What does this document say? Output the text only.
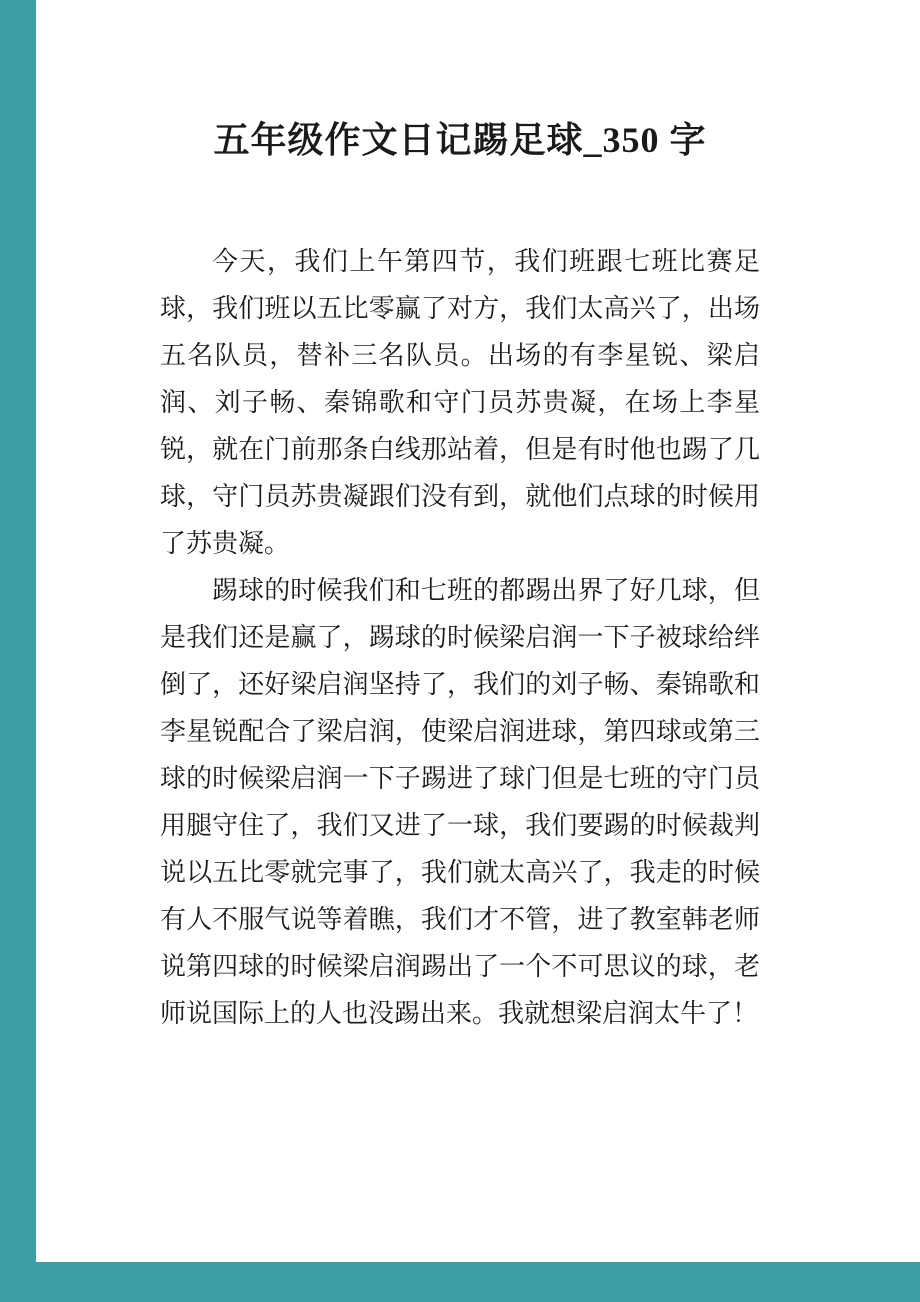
五年级作文日记踢足球_350 字

今天，我们上午第四节，我们班跟七班比赛足球，我们班以五比零赢了对方，我们太高兴了，出场五名队员，替补三名队员。出场的有李星锐、梁启润、刘子畅、秦锦歌和守门员苏贵凝，在场上李星锐，就在门前那条白线那站着，但是有时他也踢了几球，守门员苏贵凝跟们没有到，就他们点球的时候用了苏贵凝。

踢球的时候我们和七班的都踢出界了好几球，但是我们还是赢了，踢球的时候梁启润一下子被球给绊倒了，还好梁启润坚持了，我们的刘子畅、秦锦歌和李星锐配合了梁启润，使梁启润进球，第四球或第三球的时候梁启润一下子踢进了球门但是七班的守门员用腿守住了，我们又进了一球，我们要踢的时候裁判说以五比零就完事了，我们就太高兴了，我走的时候有人不服气说等着瞧，我们才不管，进了教室韩老师说第四球的时候梁启润踢出了一个不可思议的球，老师说国际上的人也没踢出来。我就想梁启润太牛了！
